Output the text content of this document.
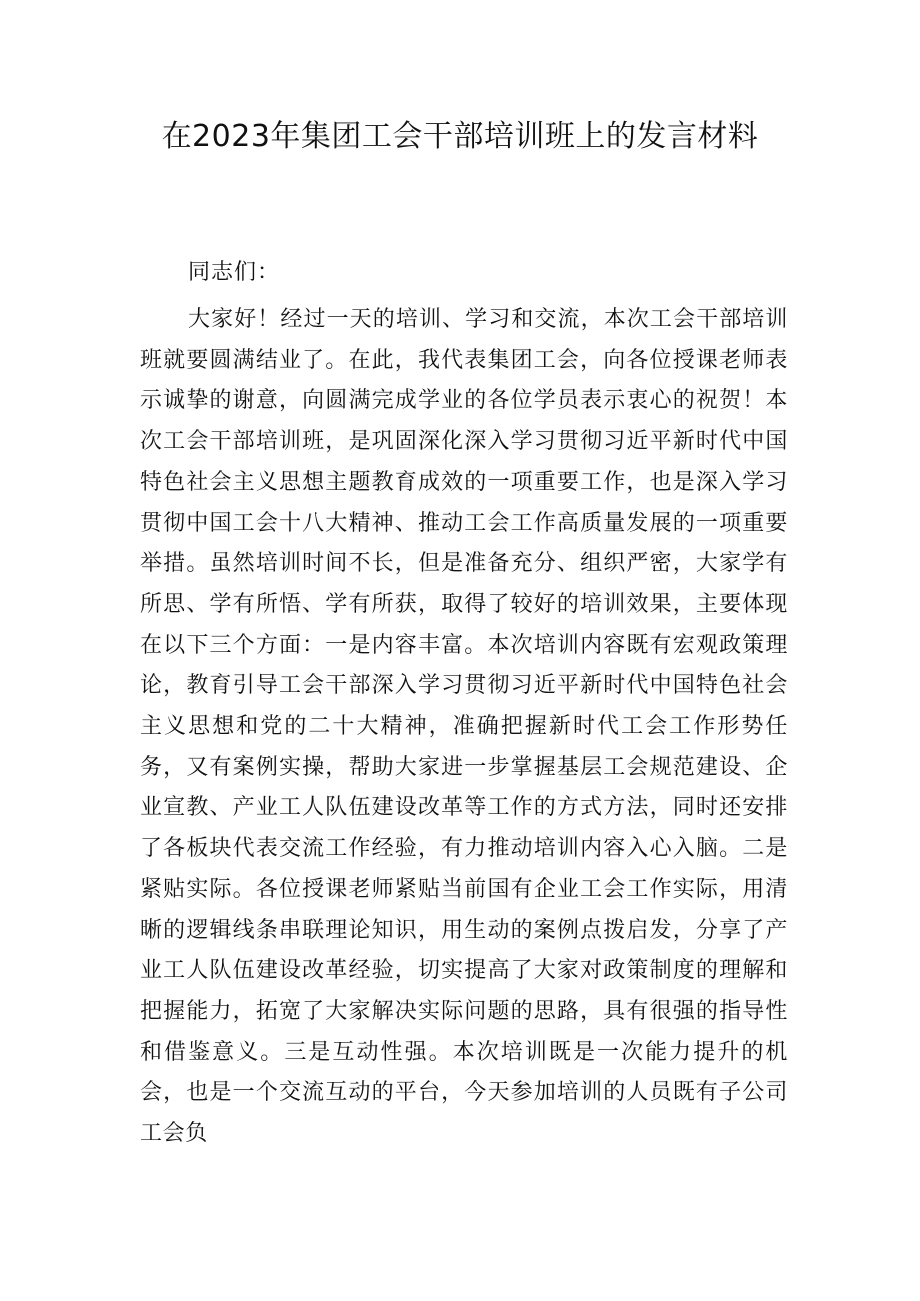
在2023年集团工会干部培训班上的发言材料

同志们：

大家好！经过一天的培训、学习和交流，本次工会干部培训班就要圆满结业了。在此，我代表集团工会，向各位授课老师表示诚挚的谢意，向圆满完成学业的各位学员表示衷心的祝贺！本次工会干部培训班，是巩固深化深入学习贯彻习近平新时代中国特色社会主义思想主题教育成效的一项重要工作，也是深入学习贯彻中国工会十八大精神、推动工会工作高质量发展的一项重要举措。虽然培训时间不长，但是准备充分、组织严密，大家学有所思、学有所悟、学有所获，取得了较好的培训效果，主要体现在以下三个方面：一是内容丰富。本次培训内容既有宏观政策理论，教育引导工会干部深入学习贯彻习近平新时代中国特色社会主义思想和党的二十大精神，准确把握新时代工会工作形势任务，又有案例实操，帮助大家进一步掌握基层工会规范建设、企业宣教、产业工人队伍建设改革等工作的方式方法，同时还安排了各板块代表交流工作经验，有力推动培训内容入心入脑。二是紧贴实际。各位授课老师紧贴当前国有企业工会工作实际，用清晰的逻辑线条串联理论知识，用生动的案例点拨启发，分享了产业工人队伍建设改革经验，切实提高了大家对政策制度的理解和把握能力，拓宽了大家解决实际问题的思路，具有很强的指导性和借鉴意义。三是互动性强。本次培训既是一次能力提升的机会，也是一个交流互动的平台，今天参加培训的人员既有子公司工会负
